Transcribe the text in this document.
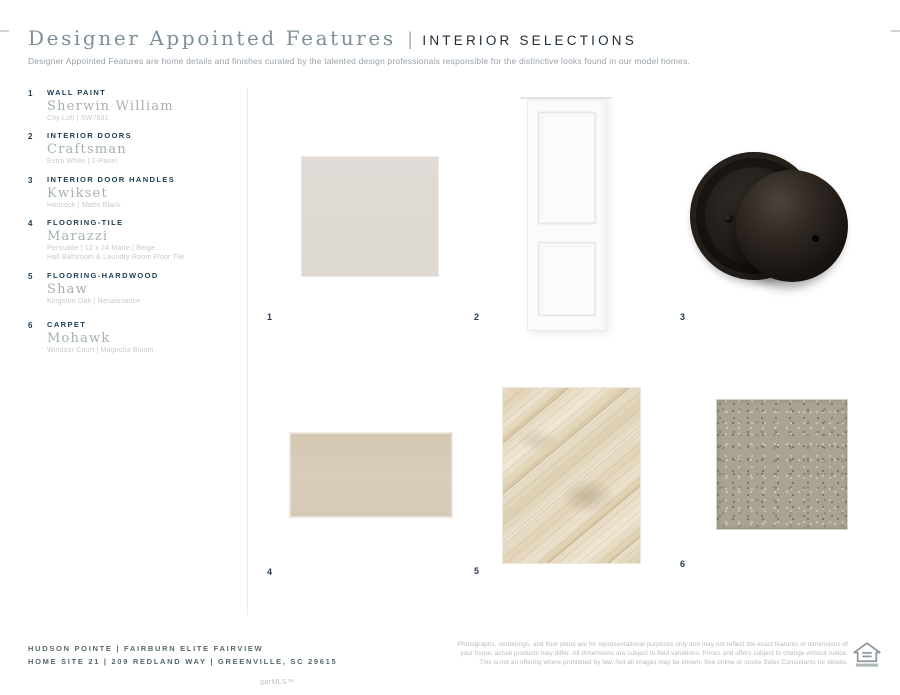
Designer Appointed Features | INTERIOR SELECTIONS
Designer Appointed Features are home details and finishes curated by the talented design professionals responsible for the distinctive looks found in our model homes.
1	WALL PAINT
Sherwin William
City Loft | SW7631
2	INTERIOR DOORS
Craftsman
Extra White | 2-Panel
3	INTERIOR DOOR HANDLES
Kwikset
Hancock | Matte Black
4	FLOORING-TILE
Marazzi
Persuade | 12 x 24 Matte | Beige
Hall Bathroom & Laundry Room Floor Tile
5	FLOORING-HARDWOOD
Shaw
Kingston Oak | Renaissance
6	CARPET
Mohawk
Windsor Court | Magnolia Bloom
1	2	3
4	5
6
HUDSON POINTE | FAIRBURN ELITE FAIRVIEW
HOME SITE 21 | 209 REDLAND WAY | GREENVILLE, SC 29615
garMLS™
Photographs, renderings, and floor plans are for representational purposes only and may not reflect the exact features or dimensions of
your home; actual products may differ. All dimensions are subject to field variations. Prices and offers subject to change without notice.
This is not an offering where prohibited by law. Not all images may be shown. See online or onsite Sales Consultants for details.
